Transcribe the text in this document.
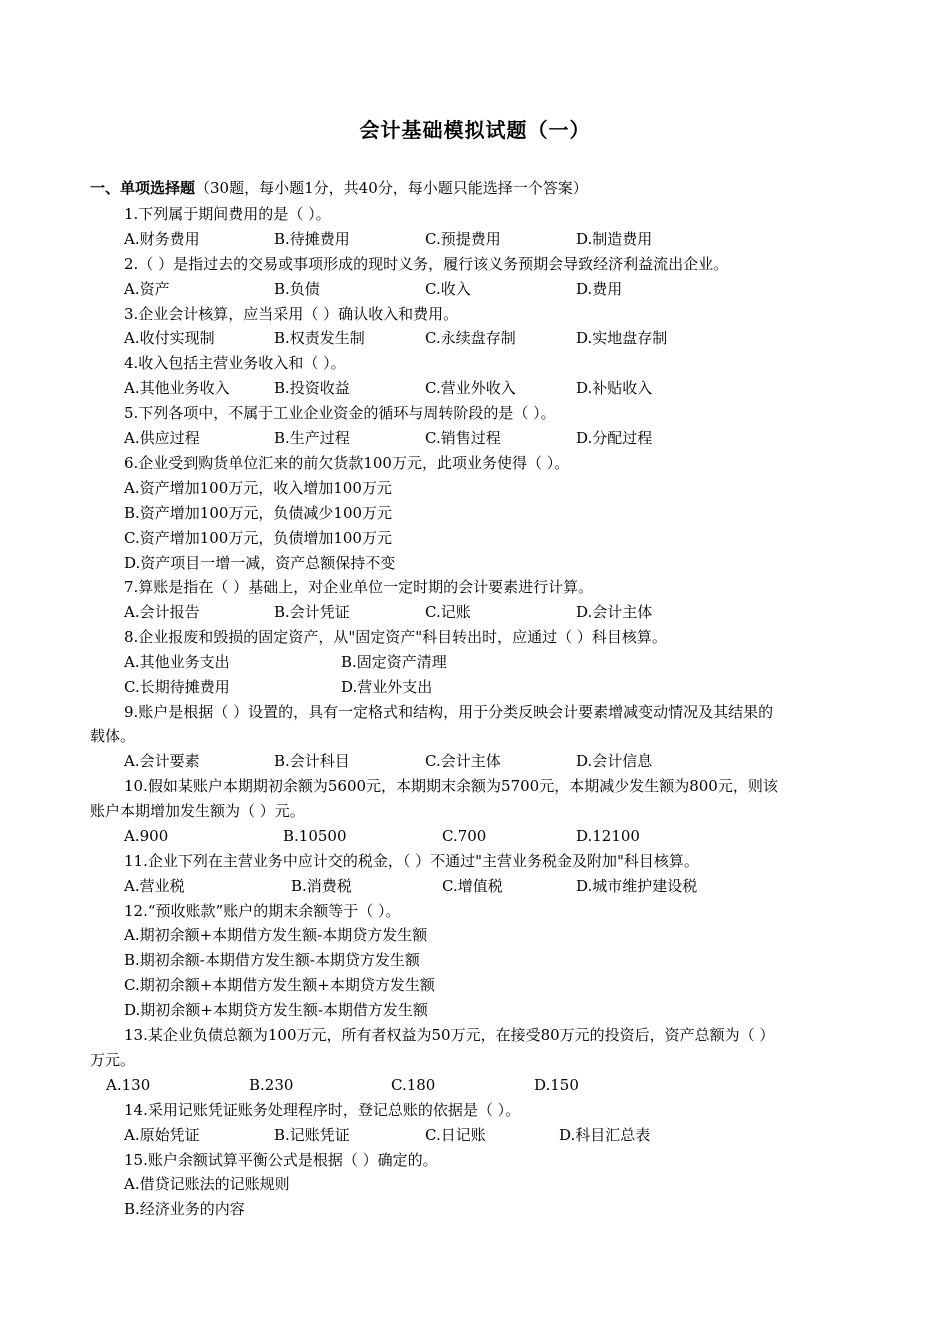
会计基础模拟试题（一）
一、单项选择题（30题，每小题1分，共40分，每小题只能选择一个答案）
1.下列属于期间费用的是（ ）。
A.财务费用	B.待摊费用	C.预提费用	D.制造费用
2.（ ）是指过去的交易或事项形成的现时义务，履行该义务预期会导致经济利益流出企业。
A.资产	B.负债	C.收入	D.费用
3.企业会计核算，应当采用（ ）确认收入和费用。
A.收付实现制	B.权责发生制	C.永续盘存制	D.实地盘存制
4.收入包括主营业务收入和（ ）。
A.其他业务收入	B.投资收益	C.营业外收入	D.补贴收入
5.下列各项中，不属于工业企业资金的循环与周转阶段的是（ ）。
A.供应过程	B.生产过程	C.销售过程	D.分配过程
6.企业受到购货单位汇来的前欠货款100万元，此项业务使得（ ）。
A.资产增加100万元，收入增加100万元
B.资产增加100万元，负债减少100万元
C.资产增加100万元，负债增加100万元
D.资产项目一增一减，资产总额保持不变
7.算账是指在（ ）基础上，对企业单位一定时期的会计要素进行计算。
A.会计报告	B.会计凭证	C.记账	D.会计主体
8.企业报废和毁损的固定资产，从"固定资产"科目转出时，应通过（ ）科目核算。
A.其他业务支出	B.固定资产清理
C.长期待摊费用	D.营业外支出
9.账户是根据（ ）设置的，具有一定格式和结构，用于分类反映会计要素增减变动情况及其结果的
载体。
A.会计要素	B.会计科目	C.会计主体	D.会计信息
10.假如某账户本期期初余额为5600元，本期期末余额为5700元，本期减少发生额为800元，则该
账户本期增加发生额为（ ）元。
A.900	B.10500	C.700	D.12100
11.企业下列在主营业务中应计交的税金，（ ）不通过"主营业务税金及附加"科目核算。
A.营业税	B.消费税	C.增值税	D.城市维护建设税
12.“预收账款”账户的期末余额等于（ ）。
A.期初余额+本期借方发生额-本期贷方发生额
B.期初余额-本期借方发生额-本期贷方发生额
C.期初余额+本期借方发生额+本期贷方发生额
D.期初余额+本期贷方发生额-本期借方发生额
13.某企业负债总额为100万元，所有者权益为50万元，在接受80万元的投资后，资产总额为（ ）
万元。
A.130	B.230	C.180	D.150
14.采用记账凭证账务处理程序时，登记总账的依据是（ ）。
A.原始凭证	B.记账凭证	C.日记账	D.科目汇总表
15.账户余额试算平衡公式是根据（ ）确定的。
A.借贷记账法的记账规则
B.经济业务的内容
